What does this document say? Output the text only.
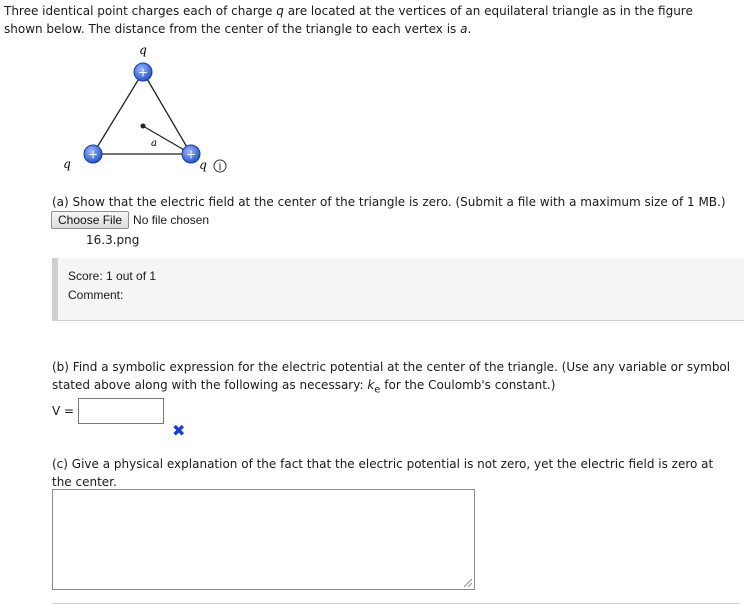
Three identical point charges each of charge q are located at the vertices of an equilateral triangle as in the figure shown below. The distance from the center of the triangle to each vertex is a.
+
+	+
q
q	q
a
i
(a) Show that the electric field at the center of the triangle is zero. (Submit a file with a maximum size of 1 MB.)
Choose File No file chosen
16.3.png
Score: 1 out of 1
Comment:
(b) Find a symbolic expression for the electric potential at the center of the triangle. (Use any variable or symbol stated above along with the following as necessary: $k_e$ for the Coulomb's constant.)
V =
✖
(c) Give a physical explanation of the fact that the electric potential is not zero, yet the electric field is zero at the center.
